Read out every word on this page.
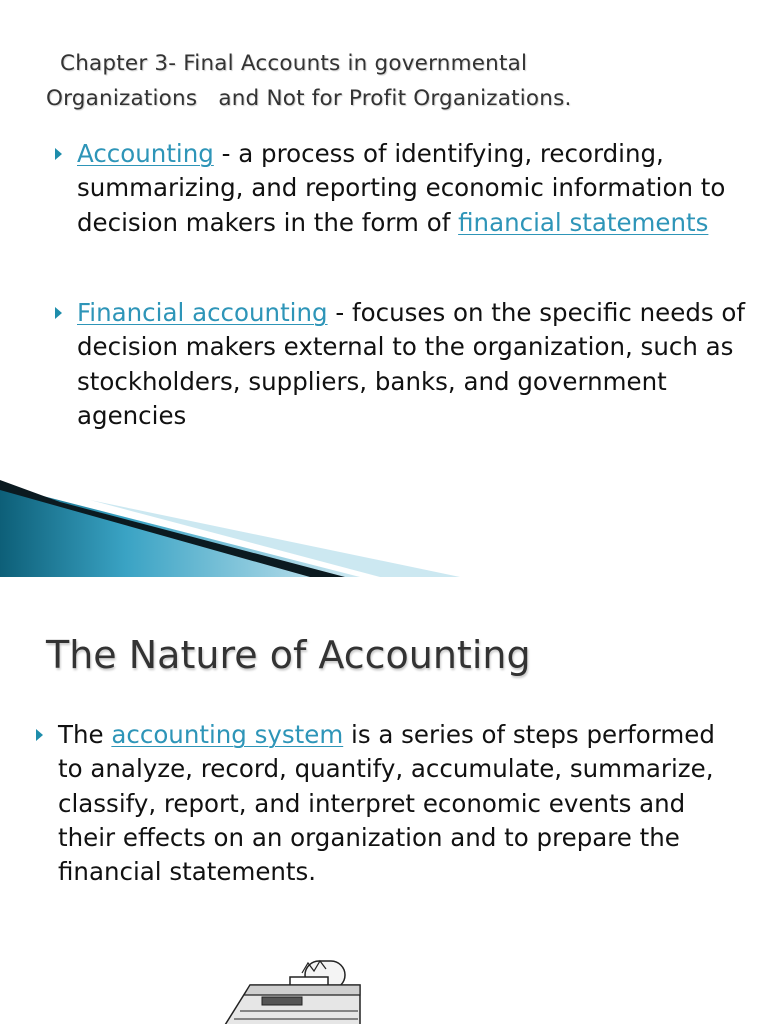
Chapter 3- Final Accounts in governmental
Organizations   and Not for Profit Organizations.
Accounting - a process of identifying, recording, summarizing, and reporting economic information to decision makers in the form of financial statements
Financial accounting - focuses on the specific needs of decision makers external to the organization, such as stockholders, suppliers, banks, and government agencies
The Nature of Accounting
The accounting system is a series of steps performed to analyze, record, quantify, accumulate, summarize, classify, report, and interpret economic events and their effects on an organization and to prepare the financial statements.
